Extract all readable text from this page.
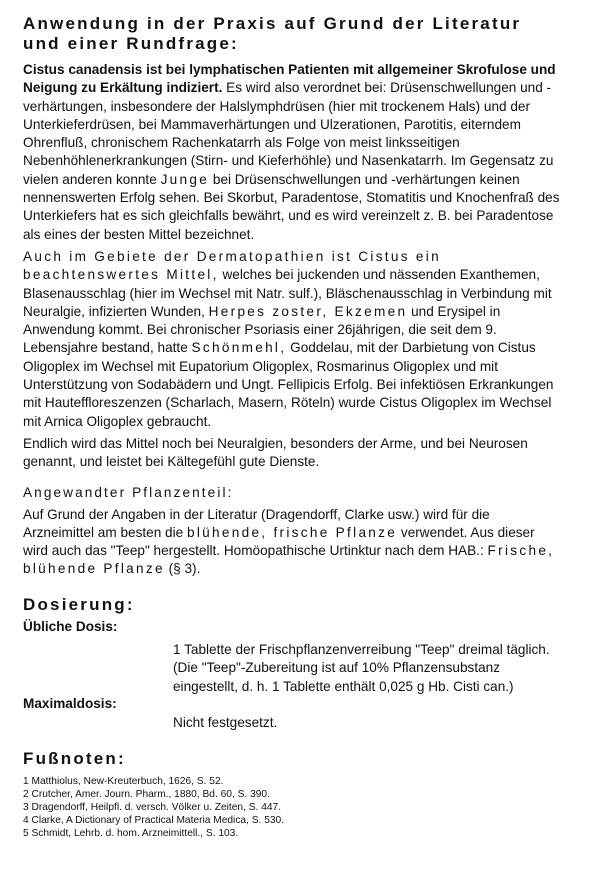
Anwendung in der Praxis auf Grund der Literatur
und einer Rundfrage:

Cistus canadensis ist bei lymphatischen Patienten mit allgemeiner Skrofulose und Neigung zu Erkältung indiziert. Es wird also verordnet bei: Drüsenschwellungen und -verhärtungen, insbesondere der Halslymphdrüsen (hier mit trockenem Hals) und der Unterkieferdrüsen, bei Mammaverhärtungen und Ulzerationen, Parotitis, eiterndem Ohrenfluß, chronischem Rachenkatarrh als Folge von meist linksseitigen Nebenhöhlenerkrankungen (Stirn- und Kieferhöhle) und Nasenkatarrh. Im Gegensatz zu vielen anderen konnte Junge bei Drüsenschwellungen und -verhärtungen keinen nennenswerten Erfolg sehen. Bei Skorbut, Paradentose, Stomatitis und Knochenfraß des Unterkiefers hat es sich gleichfalls bewährt, und es wird vereinzelt z. B. bei Paradentose als eines der besten Mittel bezeichnet.

Auch im Gebiete der Dermatopathien ist Cistus ein beachtenswertes Mittel, welches bei juckenden und nässenden Exanthemen, Blasenausschlag (hier im Wechsel mit Natr. sulf.), Bläschenausschlag in Verbindung mit Neuralgie, infizierten Wunden, Herpes zoster, Ekzemen und Erysipel in Anwendung kommt. Bei chronischer Psoriasis einer 26jährigen, die seit dem 9. Lebensjahre bestand, hatte Schönmehl, Goddelau, mit der Darbietung von Cistus Oligoplex im Wechsel mit Eupatorium Oligoplex, Rosmarinus Oligoplex und mit Unterstützung von Sodabädern und Ungt. Fellipicis Erfolg. Bei infektiösen Erkrankungen mit Hauteffloreszenzen (Scharlach, Masern, Röteln) wurde Cistus Oligoplex im Wechsel mit Arnica Oligoplex gebraucht.

Endlich wird das Mittel noch bei Neuralgien, besonders der Arme, und bei Neurosen genannt, und leistet bei Kältegefühl gute Dienste.

Angewandter Pflanzenteil:

Auf Grund der Angaben in der Literatur (Dragendorff, Clarke usw.) wird für die Arzneimittel am besten die blühende, frische Pflanze verwendet. Aus dieser wird auch das "Teep" hergestellt. Homöopathische Urtinktur nach dem HAB.: Frische, blühende Pflanze (§ 3).

Dosierung:
Übliche Dosis:
1 Tablette der Frischpflanzenverreibung "Teep" dreimal täglich.
(Die "Teep"-Zubereitung ist auf 10% Pflanzensubstanz eingestellt, d. h. 1 Tablette enthält 0,025 g Hb. Cisti can.)
Maximaldosis:
Nicht festgesetzt.
Fußnoten:
1 Matthiolus, New-Kreuterbuch, 1626, S. 52.
2 Crutcher, Amer. Journ. Pharm., 1880, Bd. 60, S. 390.
3 Dragendorff, Heilpfl. d. versch. Völker u. Zeiten, S. 447.
4 Clarke, A Dictionary of Practical Materia Medica, S. 530.
5 Schmidt, Lehrb. d. hom. Arzneimittell., S. 103.
